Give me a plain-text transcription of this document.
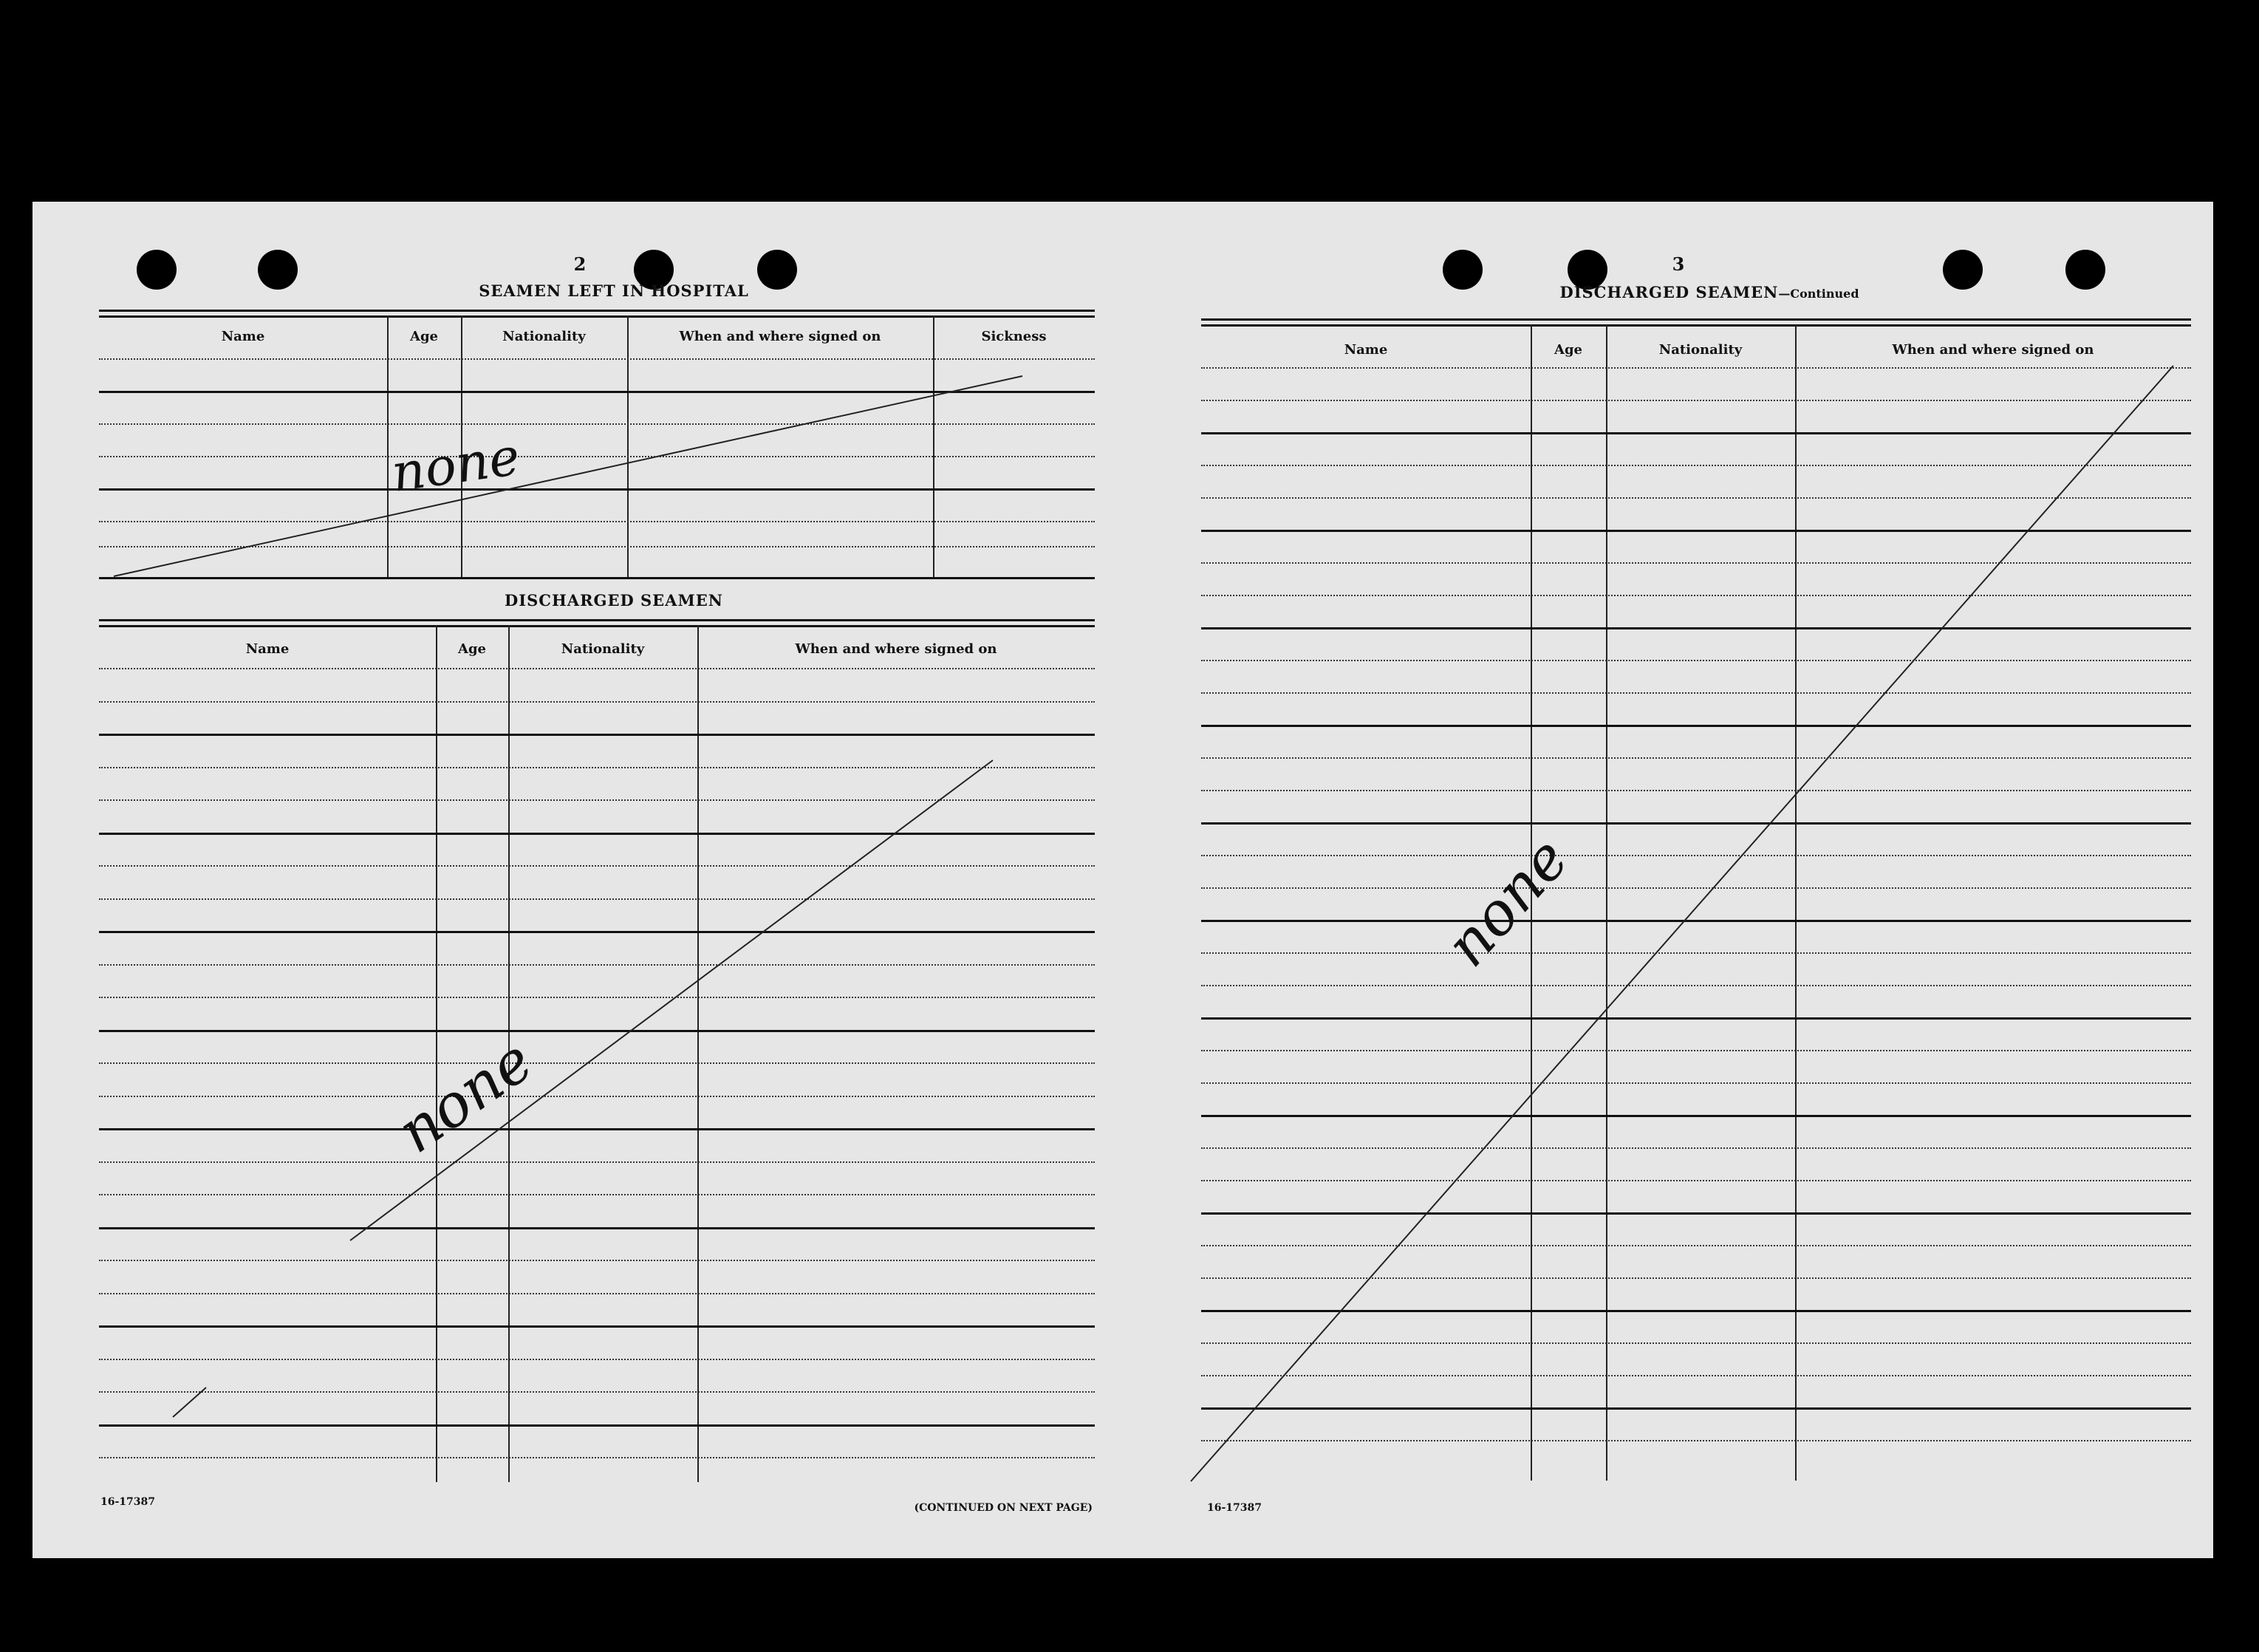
2
SEAMEN LEFT IN HOSPITAL
Name	Age	Nationality	When and where signed on	Sickness
DISCHARGED SEAMEN
Name	Age	Nationality	When and where signed on
16-17387	(CONTINUED ON NEXT PAGE)
3
DISCHARGED SEAMEN—Continued
Name	Age	Nationality	When and where signed on
16-17387
none
none
none
